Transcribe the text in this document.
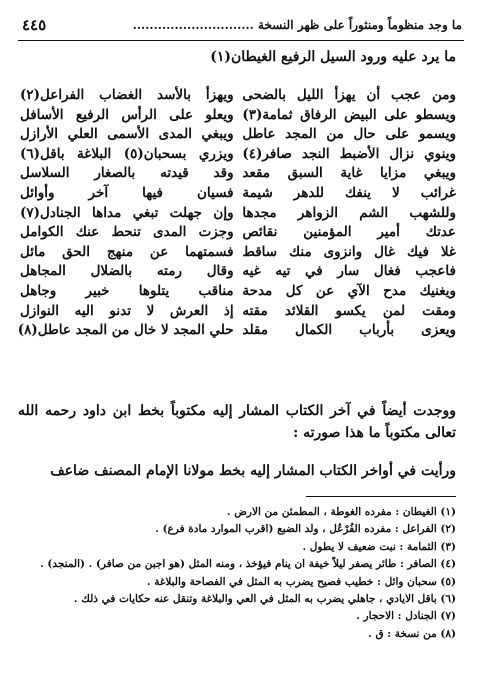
ما وجد منظوماً ومنثوراً على ظهر النسخة .............................
٤٤٥
ما يرد عليه ورود السيل الرفيع الغيطان(١)
ومن عجب أن يهزأ الليل بالضحى
ويهزأ بالأسد الغضاب الفراعل(٢)
ويسطو على البيض الرفاق ثمامة(٣)
ويعلو على الرأس الرفيع الأسافل
ويسمو على حال من المجد عاطل
ويبغي المدى الأسمى العلي الأرازل
وينوي نزال الأضبط النجد صافر(٤)
ويزري بسحبان(٥) البلاغة باقل(٦)
ويبغي مزايا غاية السبق مقعد
وقد قيدته بالصغار السلاسل
غرائب لا ينفك للدهر شيمة
فسيان فيها آخر وأوائل
وللشهب الشم الزواهر مجدها
وإن جهلت تبغي مداها الجنادل(٧)
عدتك أمير المؤمنين نقائص
وجزت المدى تنحط عنك الكوامل
غلا فيك غال وانزوى منك ساقط
فسمتهما عن منهج الحق مائل
فاعجب فغال سار في تيه غيه
وقال رمته بالضلال المجاهل
ويغنيك مدح الآي عن كل مدحة
مناقب يتلوها خبير وجاهل
ومقت لمن يكسو القلائد مقته
إذ العرش لا تدنو اليه النوازل
ويعزى بأرباب الكمال مقلد
حلي المجد لا خال من المجد عاطل(٨)

ووجدت أيضاً في آخر الكتاب المشار إليه مكتوباً بخط ابن داود رحمه الله تعالى مكتوباً ما هذا صورته :

ورأيت في أواخر الكتاب المشار إليه بخط مولانا الإمام المصنف ضاعف

(١) الغيطان : مفرده الغوطة ، المطمئن من الارض .
(٢) الفراعل : مفرده الفُرْعُل ، ولد الضبع (اقرب الموارد مادة فرع) .
(٣) الثمامة : نبت ضعيف لا يطول .
(٤) الصافر : طائر يصفر ليلاً خيفة ان ينام فيؤخذ ، ومنه المثل (هو اجبن من صافر) . (المنجد) .
(٥) سحبان وائل : خطيب فصيح يضرب به المثل في الفصاحة والبلاغة .
(٦) باقل الايادي ، جاهلي يضرب به المثل في العي والبلاغة وتنقل عنه حكايات في ذلك .
(٧) الجنادل : الاحجار .
(٨) من نسخة : ق .
